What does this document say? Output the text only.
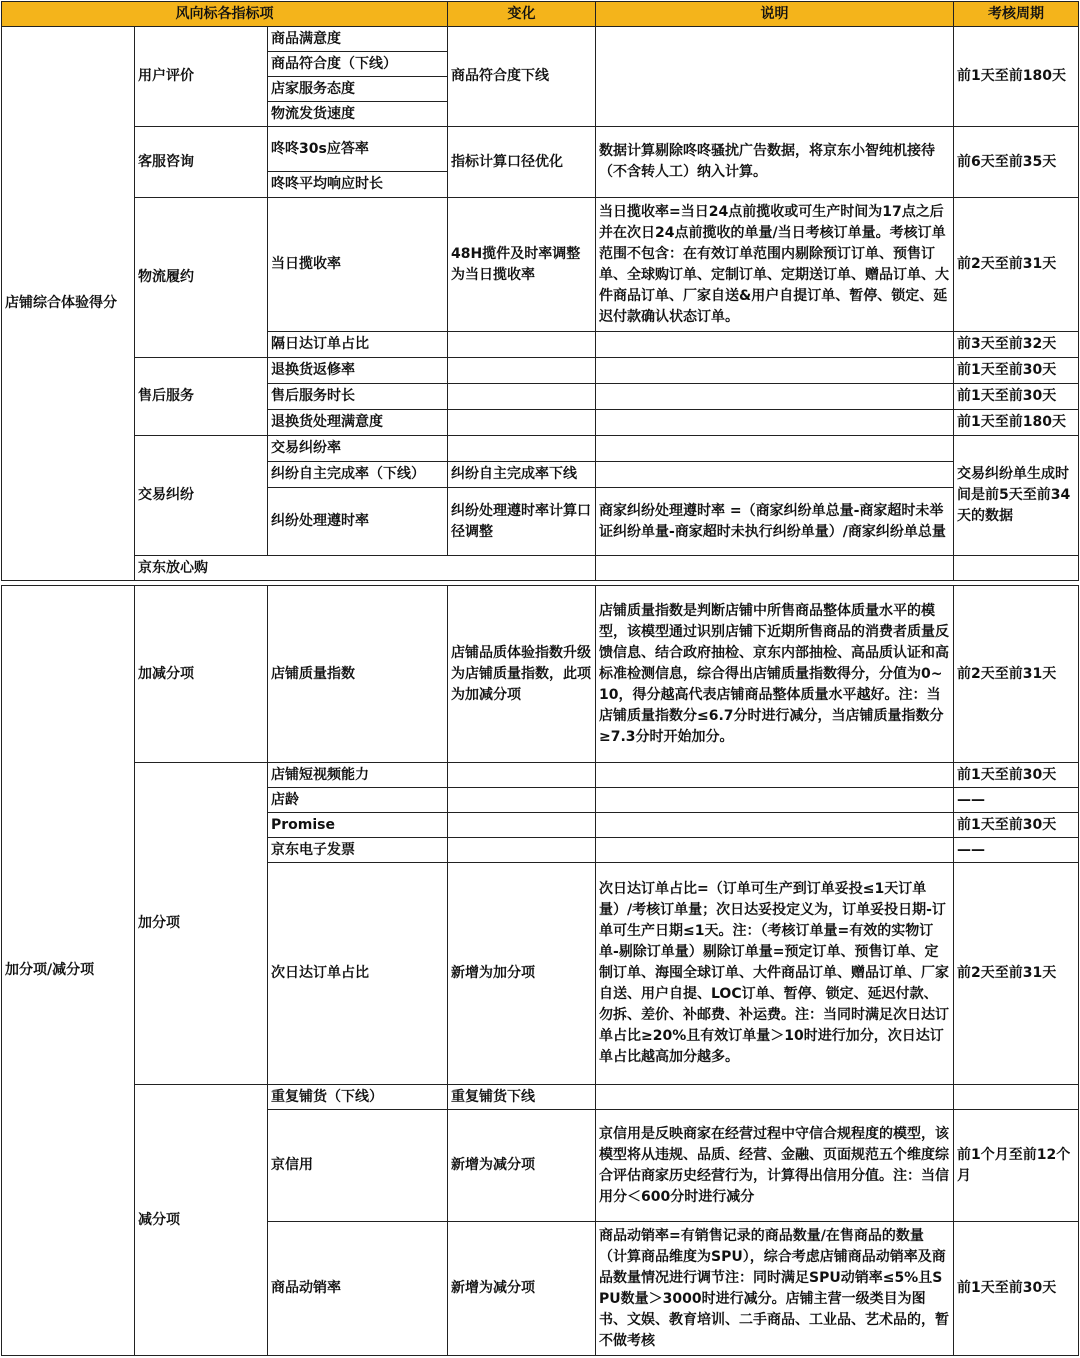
风向标各指标项			变化	说明	考核周期	
店铺综合体验得分	用户评价	商品满意度	商品符合度下线		前1天至前180天	
		商品符合度（下线）				
		店家服务态度				
		物流发货速度				
	客服咨询	咚咚30s应答率	指标计算口径优化	数据计算剔除咚咚骚扰广告数据，将京东小智纯机接待（不含转人工）纳入计算。	前6天至前35天	
		咚咚平均响应时长				
	物流履约	当日揽收率	48H揽件及时率调整为当日揽收率	当日揽收率=当日24点前揽收或可生产时间为17点之后并在次日24点前揽收的单量/当日考核订单量。考核订单范围不包含：在有效订单范围内剔除预订订单、预售订单、全球购订单、定制订单、定期送订单、赠品订单、大件商品订单、厂家自送&用户自提订单、暂停、锁定、延迟付款确认状态订单。	前2天至前31天	
		隔日达订单占比			前3天至前32天	
	售后服务	退换货返修率			前1天至前30天	
		售后服务时长			前1天至前30天	
		退换货处理满意度			前1天至前180天	
	交易纠纷	交易纠纷率			交易纠纷单生成时间是前5天至前34天的数据	
		纠纷自主完成率（下线）	纠纷自主完成率下线			
		纠纷处理遵时率	纠纷处理遵时率计算口径调整	商家纠纷处理遵时率 =（商家纠纷单总量-商家超时未举证纠纷单量-商家超时未执行纠纷单量）/商家纠纷单总量		
	京东放心购					
加分项/减分项	加减分项	店铺质量指数	店铺品质体验指数升级为店铺质量指数，此项为加减分项	店铺质量指数是判断店铺中所售商品整体质量水平的模型，该模型通过识别店铺下近期所售商品的消费者质量反馈信息、结合政府抽检、京东内部抽检、高品质认证和高标准检测信息，综合得出店铺质量指数得分，分值为0~10，得分越高代表店铺商品整体质量水平越好。注：当店铺质量指数分≤6.7分时进行减分，当店铺质量指数分≥7.3分时开始加分。	前2天至前31天
	加分项	店铺短视频能力			前1天至前30天
		店龄			——
		Promise			前1天至前30天
		京东电子发票			——
		次日达订单占比	新增为加分项	次日达订单占比=（订单可生产到订单妥投≤1天订单量）/考核订单量；次日达妥投定义为，订单妥投日期-订单可生产日期≤1天。注：（考核订单量=有效的实物订单-剔除订单量）剔除订单量=预定订单、预售订单、定制订单、海囤全球订单、大件商品订单、赠品订单、厂家自送、用户自提、LOC订单、暂停、锁定、延迟付款、勿拆、差价、补邮费、补运费。注：当同时满足次日达订单占比≥20%且有效订单量＞10时进行加分，次日达订单占比越高加分越多。	前2天至前31天
	减分项	重复铺货（下线）	重复铺货下线		
		京信用	新增为减分项	京信用是反映商家在经营过程中守信合规程度的模型，该模型将从违规、品质、经营、金融、页面规范五个维度综合评估商家历史经营行为，计算得出信用分值。注：当信用分＜600分时进行减分	前1个月至前12个月
		商品动销率	新增为减分项	商品动销率=有销售记录的商品数量/在售商品的数量（计算商品维度为SPU），综合考虑店铺商品动销率及商品数量情况进行调节注：同时满足SPU动销率≤5%且SPU数量＞3000时进行减分。店铺主营一级类目为图书、文娱、教育培训、二手商品、工业品、艺术品的，暂不做考核	前1天至前30天
